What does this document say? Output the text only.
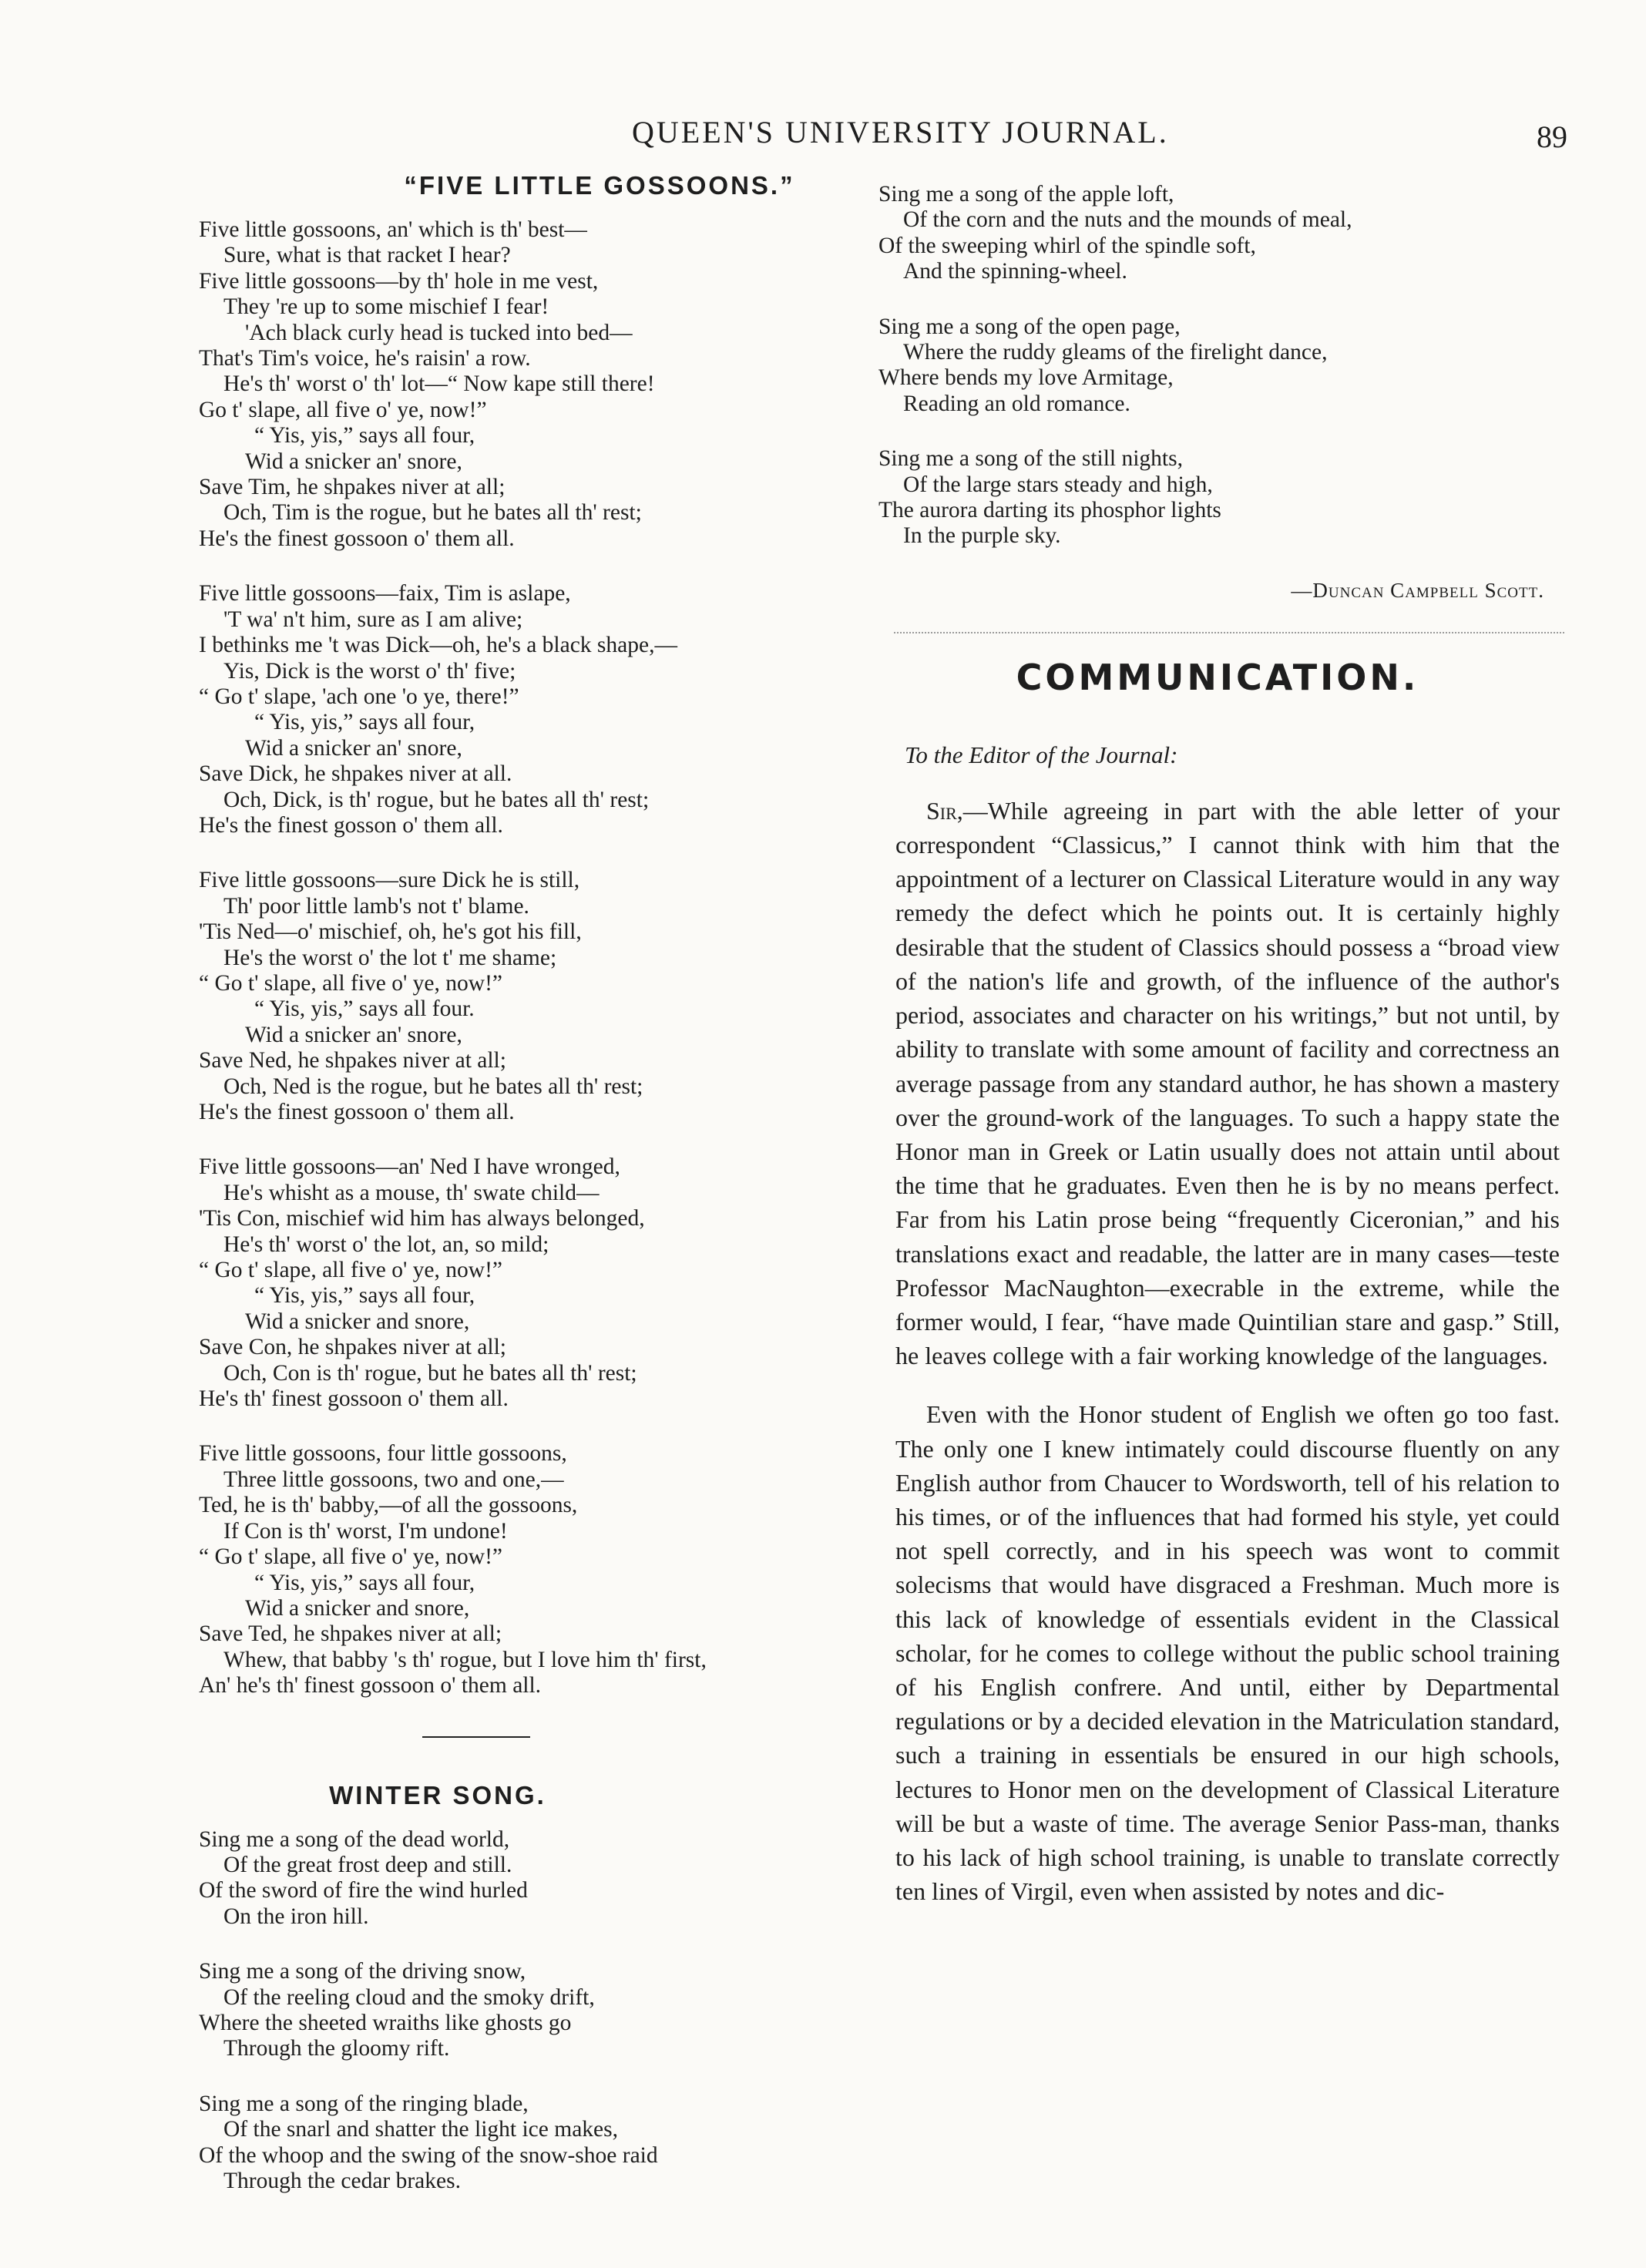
QUEEN'S UNIVERSITY JOURNAL.	89
“FIVE LITTLE GOSSOONS.”
Five little gossoons, an' which is th' best—
Sure, what is that racket I hear?
Five little gossoons—by th' hole in me vest,
They 're up to some mischief I fear!
'Ach black curly head is tucked into bed—
That's Tim's voice, he's raisin' a row.
He's th' worst o' th' lot—“ Now kape still there!
Go t' slape, all five o' ye, now!”
“ Yis, yis,” says all four,
Wid a snicker an' snore,
Save Tim, he shpakes niver at all;
Och, Tim is the rogue, but he bates all th' rest;
He's the finest gossoon o' them all.
Five little gossoons—faix, Tim is aslape,
'T wa' n't him, sure as I am alive;
I bethinks me 't was Dick—oh, he's a black shape,—
Yis, Dick is the worst o' th' five;
“ Go t' slape, 'ach one 'o ye, there!”
“ Yis, yis,” says all four,
Wid a snicker an' snore,
Save Dick, he shpakes niver at all.
Och, Dick, is th' rogue, but he bates all th' rest;
He's the finest gosson o' them all.
Five little gossoons—sure Dick he is still,
Th' poor little lamb's not t' blame.
'Tis Ned—o' mischief, oh, he's got his fill,
He's the worst o' the lot t' me shame;
“ Go t' slape, all five o' ye, now!”
“ Yis, yis,” says all four.
Wid a snicker an' snore,
Save Ned, he shpakes niver at all;
Och, Ned is the rogue, but he bates all th' rest;
He's the finest gossoon o' them all.
Five little gossoons—an' Ned I have wronged,
He's whisht as a mouse, th' swate child—
'Tis Con, mischief wid him has always belonged,
He's th' worst o' the lot, an, so mild;
“ Go t' slape, all five o' ye, now!”
“ Yis, yis,” says all four,
Wid a snicker and snore,
Save Con, he shpakes niver at all;
Och, Con is th' rogue, but he bates all th' rest;
He's th' finest gossoon o' them all.
Five little gossoons, four little gossoons,
Three little gossoons, two and one,—
Ted, he is th' babby,—of all the gossoons,
If Con is th' worst, I'm undone!
“ Go t' slape, all five o' ye, now!”
“ Yis, yis,” says all four,
Wid a snicker and snore,
Save Ted, he shpakes niver at all;
Whew, that babby 's th' rogue, but I love him th' first,
An' he's th' finest gossoon o' them all.
WINTER SONG.
Sing me a song of the dead world,
Of the great frost deep and still.
Of the sword of fire the wind hurled
On the iron hill.
Sing me a song of the driving snow,
Of the reeling cloud and the smoky drift,
Where the sheeted wraiths like ghosts go
Through the gloomy rift.
Sing me a song of the ringing blade,
Of the snarl and shatter the light ice makes,
Of the whoop and the swing of the snow-shoe raid
Through the cedar brakes.
Sing me a song of the apple loft,
Of the corn and the nuts and the mounds of meal,
Of the sweeping whirl of the spindle soft,
And the spinning-wheel.
Sing me a song of the open page,
Where the ruddy gleams of the firelight dance,
Where bends my love Armitage,
Reading an old romance.
Sing me a song of the still nights,
Of the large stars steady and high,
The aurora darting its phosphor lights
In the purple sky.
—Duncan Campbell Scott.
COMMUNICATION.
To the Editor of the Journal:

Sir,—While agreeing in part with the able letter of your correspondent “Classicus,” I cannot think with him that the appointment of a lecturer on Classical Literature would in any way remedy the defect which he points out. It is certainly highly desirable that the student of Classics should possess a “broad view of the nation's life and growth, of the influence of the author's period, associates and character on his writings,” but not until, by ability to translate with some amount of facility and correctness an average passage from any standard author, he has shown a mastery over the ground-work of the languages. To such a happy state the Honor man in Greek or Latin usually does not attain until about the time that he graduates. Even then he is by no means perfect. Far from his Latin prose being “frequently Ciceronian,” and his translations exact and readable, the latter are in many cases—teste Professor MacNaughton—execrable in the extreme, while the former would, I fear, “have made Quintilian stare and gasp.” Still, he leaves college with a fair working knowledge of the languages.

Even with the Honor student of English we often go too fast. The only one I knew intimately could discourse fluently on any English author from Chaucer to Wordsworth, tell of his relation to his times, or of the influences that had formed his style, yet could not spell correctly, and in his speech was wont to commit solecisms that would have disgraced a Freshman. Much more is this lack of knowledge of essentials evident in the Classical scholar, for he comes to college without the public school training of his English confrere. And until, either by Departmental regulations or by a decided elevation in the Matriculation standard, such a training in essentials be ensured in our high schools, lectures to Honor men on the development of Classical Literature will be but a waste of time. The average Senior Pass-man, thanks to his lack of high school training, is unable to translate correctly ten lines of Virgil, even when assisted by notes and dic-
